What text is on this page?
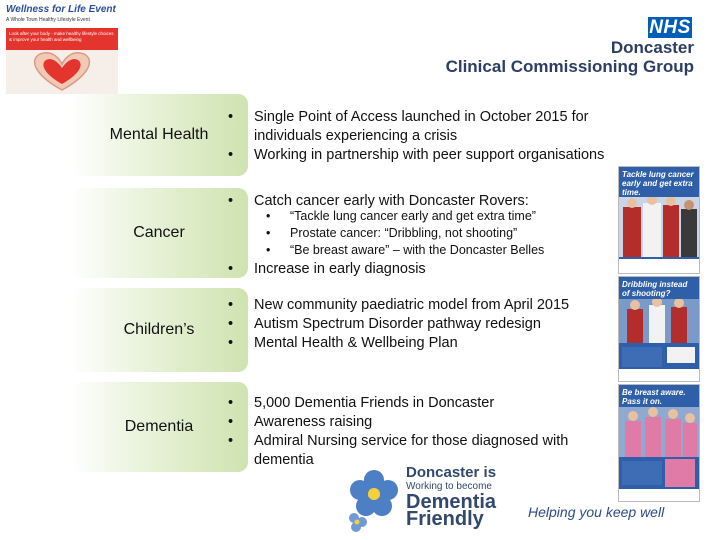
Wellness for Life Event
A Whole Town Healthy Lifestyle Event
Look after your body - make healthy lifestyle choices & improve your health and wellbeing
NHS
Doncaster
Clinical Commissioning Group
Mental Health
• Single Point of Access launched in October 2015 for
individuals experiencing a crisis
• Working in partnership with peer support organisations
Cancer
• Catch cancer early with Doncaster Rovers:
• “Tackle lung cancer early and get extra time”
• Prostate cancer: “Dribbling, not shooting”
• “Be breast aware” – with the Doncaster Belles
• Increase in early diagnosis
Children’s
• New community paediatric model from April 2015
• Autism Spectrum Disorder pathway redesign
• Mental Health & Wellbeing Plan
Dementia
• 5,000 Dementia Friends in Doncaster
• Awareness raising
• Admiral Nursing service for those diagnosed with
dementia
Tackle lung cancer early and get extra time.
Dribbling instead of shooting?
Be breast aware. Pass it on.
Doncaster is
Working to become
Dementia
Friendly	Helping you keep well
